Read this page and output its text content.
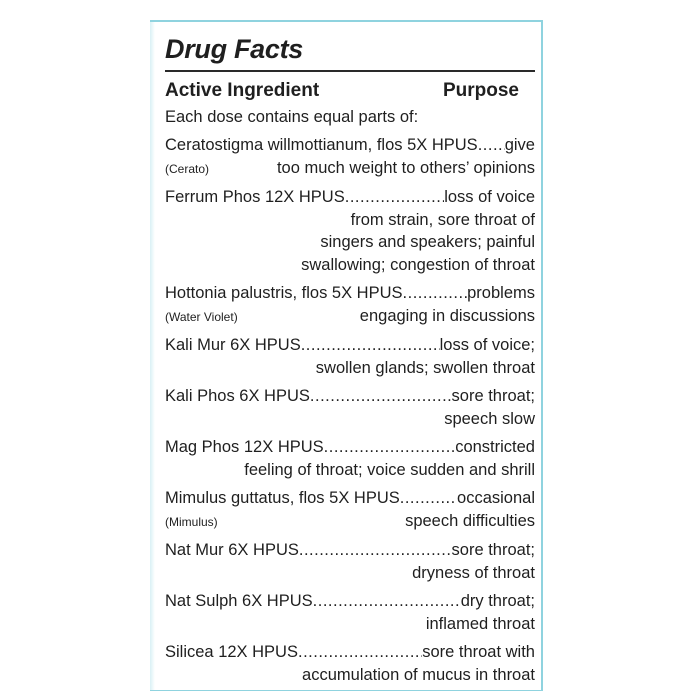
Drug Facts
Active Ingredient	Purpose
Each dose contains equal parts of:
Ceratostigma willmottianum, flos 5X HPUS ..... give
(Cerato)	too much weight to others’ opinions
Ferrum Phos 12X HPUS .....	loss of voice
from strain, sore throat of
singers and speakers; painful
swallowing; congestion of throat
Hottonia palustris, flos 5X HPUS .....	problems
(Water Violet)	engaging in discussions
Kali Mur 6X HPUS .....	loss of voice;
swollen glands; swollen throat
Kali Phos 6X HPUS .....	sore throat;
speech slow
Mag Phos 12X HPUS .....	constricted
feeling of throat; voice sudden and shrill
Mimulus guttatus, flos 5X HPUS .....	occasional
(Mimulus)	speech difficulties
Nat Mur 6X HPUS .....	sore throat;
dryness of throat
Nat Sulph 6X HPUS .....	dry throat;
inflamed throat
Silicea 12X HPUS .....	sore throat with
accumulation of mucus in throat
